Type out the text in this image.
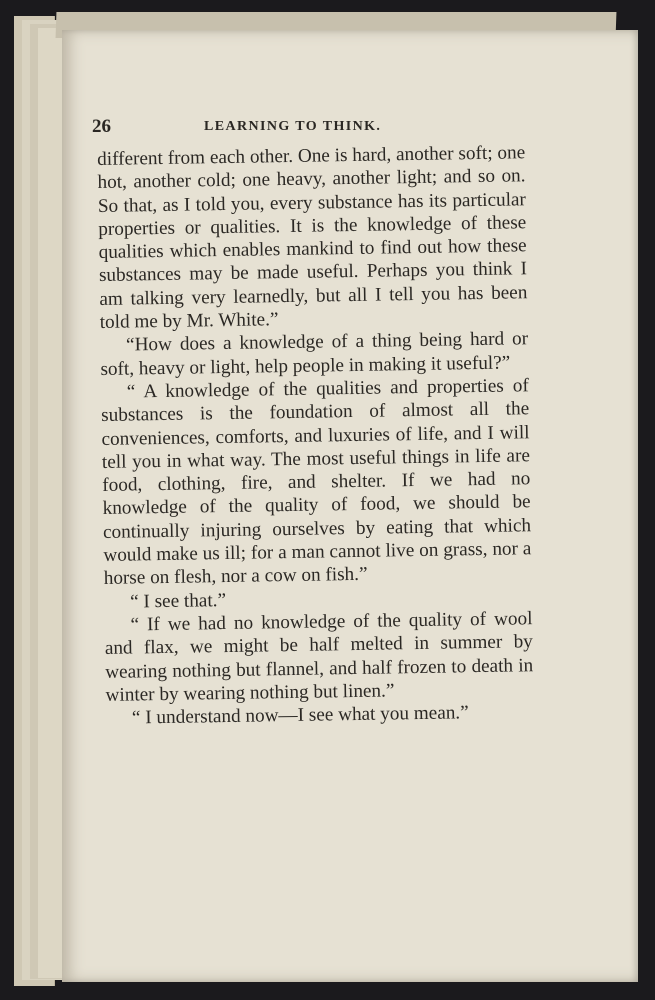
26	LEARNING TO THINK.

different from each other. One is hard, another soft; one hot, another cold; one heavy, another light; and so on. So that, as I told you, every substance has its particular properties or qualities. It is the knowledge of these qualities which enables mankind to find out how these substances may be made useful. Perhaps you think I am talking very learnedly, but all I tell you has been told me by Mr. White.”

“How does a knowledge of a thing being hard or soft, heavy or light, help people in making it useful?”

“ A knowledge of the qualities and properties of substances is the foundation of almost all the conveniences, comforts, and luxuries of life, and I will tell you in what way. The most useful things in life are food, clothing, fire, and shelter. If we had no knowledge of the quality of food, we should be continually injuring ourselves by eating that which would make us ill; for a man cannot live on grass, nor a horse on flesh, nor a cow on fish.”

“ I see that.”

“ If we had no knowledge of the quality of wool and flax, we might be half melted in summer by wearing nothing but flannel, and half frozen to death in winter by wearing nothing but linen.”

“ I understand now—I see what you mean.”
